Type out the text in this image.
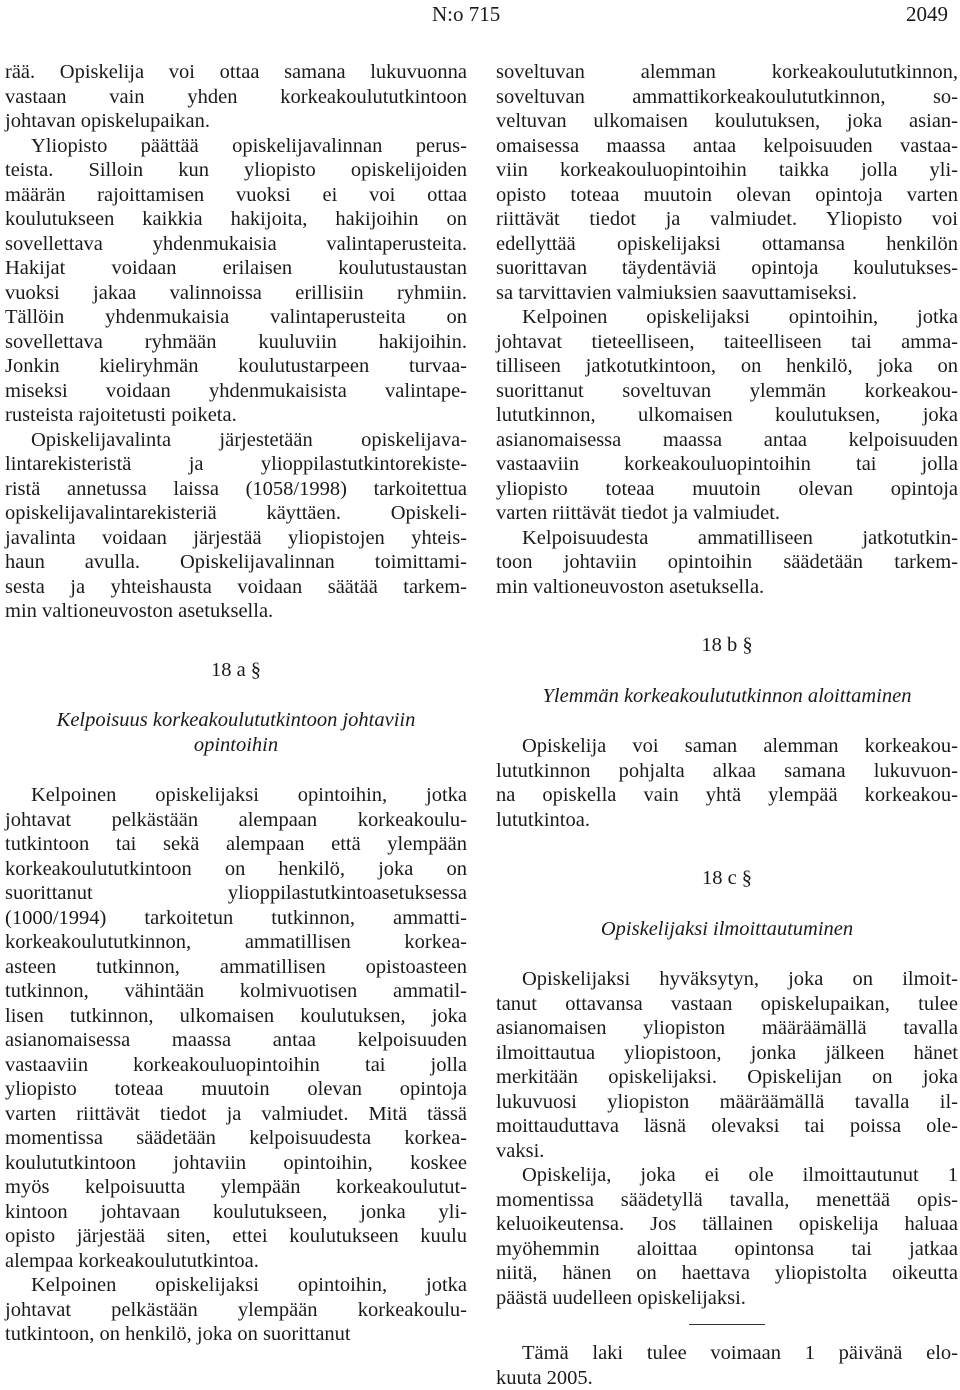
N:o 715	2049
rää. Opiskelija voi ottaa samana lukuvuonna
vastaan vain yhden korkeakoulututkintoon
johtavan opiskelupaikan.
Yliopisto päättää opiskelijavalinnan perus-
teista. Silloin kun yliopisto opiskelijoiden
määrän rajoittamisen vuoksi ei voi ottaa
koulutukseen kaikkia hakijoita, hakijoihin on
sovellettava yhdenmukaisia valintaperusteita.
Hakijat voidaan erilaisen koulutustaustan
vuoksi jakaa valinnoissa erillisiin ryhmiin.
Tällöin yhdenmukaisia valintaperusteita on
sovellettava ryhmään kuuluviin hakijoihin.
Jonkin kieliryhmän koulutustarpeen turvaa-
miseksi voidaan yhdenmukaisista valintape-
rusteista rajoitetusti poiketa.
Opiskelijavalinta järjestetään opiskelijava-
lintarekisteristä ja ylioppilastutkintorekiste-
ristä annetussa laissa (1058/1998) tarkoitettua
opiskelijavalintarekisteriä käyttäen. Opiskeli-
javalinta voidaan järjestää yliopistojen yhteis-
haun avulla. Opiskelijavalinnan toimittami-
sesta ja yhteishausta voidaan säätää tarkem-
min valtioneuvoston asetuksella.
18 a §
Kelpoisuus korkeakoulututkintoon johtaviin
opintoihin
Kelpoinen opiskelijaksi opintoihin, jotka
johtavat pelkästään alempaan korkeakoulu-
tutkintoon tai sekä alempaan että ylempään
korkeakoulututkintoon on henkilö, joka on
suorittanut ylioppilastutkintoasetuksessa
(1000/1994) tarkoitetun tutkinnon, ammatti-
korkeakoulututkinnon, ammatillisen korkea-
asteen tutkinnon, ammatillisen opistoasteen
tutkinnon, vähintään kolmivuotisen ammatil-
lisen tutkinnon, ulkomaisen koulutuksen, joka
asianomaisessa maassa antaa kelpoisuuden
vastaaviin korkeakouluopintoihin tai jolla
yliopisto toteaa muutoin olevan opintoja
varten riittävät tiedot ja valmiudet. Mitä tässä
momentissa säädetään kelpoisuudesta korkea-
koulututkintoon johtaviin opintoihin, koskee
myös kelpoisuutta ylempään korkeakoulutut-
kintoon johtavaan koulutukseen, jonka yli-
opisto järjestää siten, ettei koulutukseen kuulu
alempaa korkeakoulututkintoa.
Kelpoinen opiskelijaksi opintoihin, jotka
johtavat pelkästään ylempään korkeakoulu-
tutkintoon, on henkilö, joka on suorittanut
soveltuvan alemman korkeakoulututkinnon,
soveltuvan ammattikorkeakoulututkinnon, so-
veltuvan ulkomaisen koulutuksen, joka asian-
omaisessa maassa antaa kelpoisuuden vastaa-
viin korkeakouluopintoihin taikka jolla yli-
opisto toteaa muutoin olevan opintoja varten
riittävät tiedot ja valmiudet. Yliopisto voi
edellyttää opiskelijaksi ottamansa henkilön
suorittavan täydentäviä opintoja koulutukses-
sa tarvittavien valmiuksien saavuttamiseksi.
Kelpoinen opiskelijaksi opintoihin, jotka
johtavat tieteelliseen, taiteelliseen tai amma-
tilliseen jatkotutkintoon, on henkilö, joka on
suorittanut soveltuvan ylemmän korkeakou-
lututkinnon, ulkomaisen koulutuksen, joka
asianomaisessa maassa antaa kelpoisuuden
vastaaviin korkeakouluopintoihin tai jolla
yliopisto toteaa muutoin olevan opintoja
varten riittävät tiedot ja valmiudet.
Kelpoisuudesta ammatilliseen jatkotutkin-
toon johtaviin opintoihin säädetään tarkem-
min valtioneuvoston asetuksella.
18 b §
Ylemmän korkeakoulututkinnon aloittaminen
Opiskelija voi saman alemman korkeakou-
lututkinnon pohjalta alkaa samana lukuvuon-
na opiskella vain yhtä ylempää korkeakou-
lututkintoa.
18 c §
Opiskelijaksi ilmoittautuminen
Opiskelijaksi hyväksytyn, joka on ilmoit-
tanut ottavansa vastaan opiskelupaikan, tulee
asianomaisen yliopiston määräämällä tavalla
ilmoittautua yliopistoon, jonka jälkeen hänet
merkitään opiskelijaksi. Opiskelijan on joka
lukuvuosi yliopiston määräämällä tavalla il-
moittauduttava läsnä olevaksi tai poissa ole-
vaksi.
Opiskelija, joka ei ole ilmoittautunut 1
momentissa säädetyllä tavalla, menettää opis-
keluoikeutensa. Jos tällainen opiskelija haluaa
myöhemmin aloittaa opintonsa tai jatkaa
niitä, hänen on haettava yliopistolta oikeutta
päästä uudelleen opiskelijaksi.
Tämä laki tulee voimaan 1 päivänä elo-
kuuta 2005.
